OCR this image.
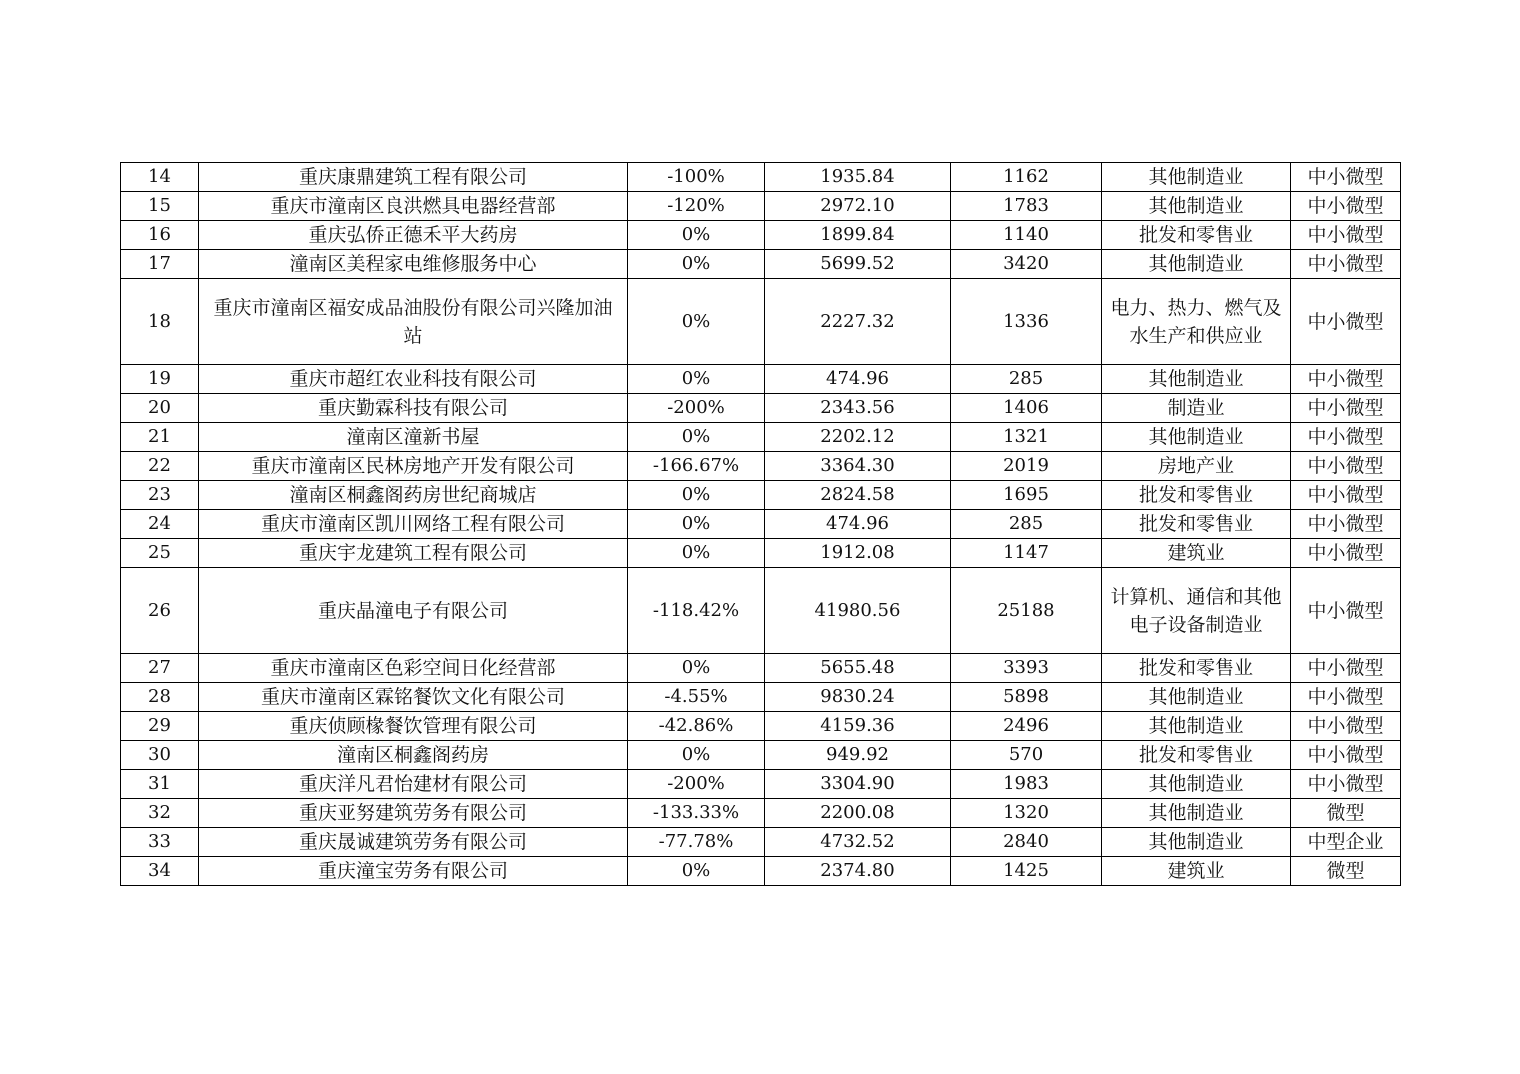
14	重庆康鼎建筑工程有限公司	-100%	1935.84	1162	其他制造业	中小微型
15	重庆市潼南区良洪燃具电器经营部	-120%	2972.10	1783	其他制造业	中小微型
16	重庆弘侨正德禾平大药房	0%	1899.84	1140	批发和零售业	中小微型
17	潼南区美程家电维修服务中心	0%	5699.52	3420	其他制造业	中小微型
18	重庆市潼南区福安成品油股份有限公司兴隆加油站	0%	2227.32	1336	电力、热力、燃气及水生产和供应业	中小微型
19	重庆市超红农业科技有限公司	0%	474.96	285	其他制造业	中小微型
20	重庆勤霖科技有限公司	-200%	2343.56	1406	制造业	中小微型
21	潼南区潼新书屋	0%	2202.12	1321	其他制造业	中小微型
22	重庆市潼南区民林房地产开发有限公司	-166.67%	3364.30	2019	房地产业	中小微型
23	潼南区桐鑫阁药房世纪商城店	0%	2824.58	1695	批发和零售业	中小微型
24	重庆市潼南区凯川网络工程有限公司	0%	474.96	285	批发和零售业	中小微型
25	重庆宇龙建筑工程有限公司	0%	1912.08	1147	建筑业	中小微型
26	重庆晶潼电子有限公司	-118.42%	41980.56	25188	计算机、通信和其他电子设备制造业	中小微型
27	重庆市潼南区色彩空间日化经营部	0%	5655.48	3393	批发和零售业	中小微型
28	重庆市潼南区霖铭餐饮文化有限公司	-4.55%	9830.24	5898	其他制造业	中小微型
29	重庆侦顾椽餐饮管理有限公司	-42.86%	4159.36	2496	其他制造业	中小微型
30	潼南区桐鑫阁药房	0%	949.92	570	批发和零售业	中小微型
31	重庆洋凡君怡建材有限公司	-200%	3304.90	1983	其他制造业	中小微型
32	重庆亚努建筑劳务有限公司	-133.33%	2200.08	1320	其他制造业	微型
33	重庆晟诚建筑劳务有限公司	-77.78%	4732.52	2840	其他制造业	中型企业
34	重庆潼宝劳务有限公司	0%	2374.80	1425	建筑业	微型
